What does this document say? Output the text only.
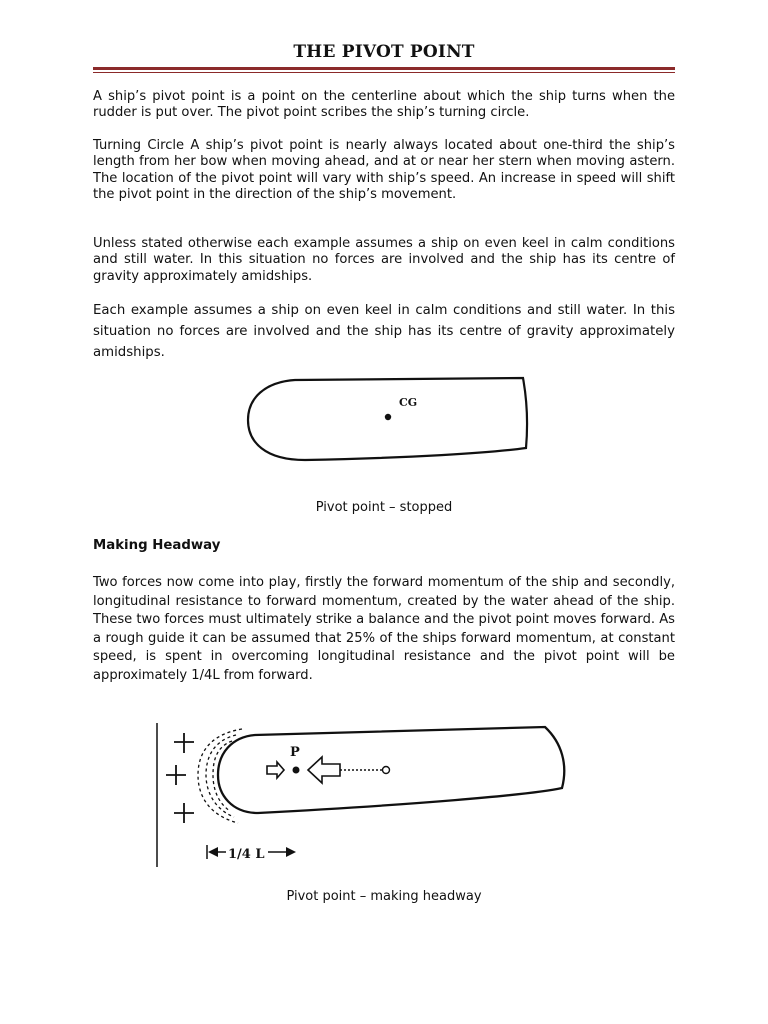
THE PIVOT POINT

A ship’s pivot point is a point on the centerline about which the ship turns when the rudder is put over. The pivot point scribes the ship’s turning circle.

Turning Circle A ship’s pivot point is nearly always located about one-third the ship’s length from her bow when moving ahead, and at or near her stern when moving astern. The location of the pivot point will vary with ship’s speed. An increase in speed will shift the pivot point in the direction of the ship’s movement.

Unless stated otherwise each example assumes a ship on even keel in calm conditions and still water. In this situation no forces are involved and the ship has its centre of gravity approximately amidships.

Each example assumes a ship on even keel in calm conditions and still water. In this situation no forces are involved and the ship has its centre of gravity approximately amidships.

CG

Pivot point – stopped

Making Headway

Two forces now come into play, firstly the forward momentum of the ship and secondly, longitudinal resistance to forward momentum, created by the water ahead of the ship. These two forces must ultimately strike a balance and the pivot point moves forward. As a rough guide it can be assumed that 25% of the ships forward momentum, at constant speed, is spent in overcoming longitudinal resistance and the pivot point will be approximately 1/4L from forward.

P
1/4 L

Pivot point – making headway
